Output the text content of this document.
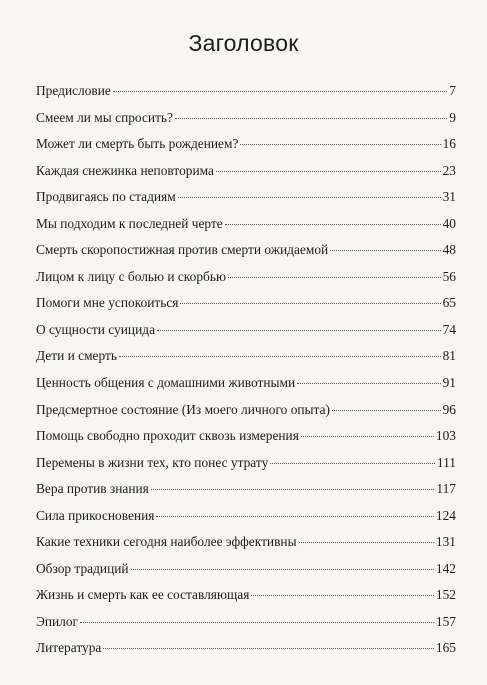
Заголовок
Предисловие	7
Смеем ли мы спросить?	9
Может ли смерть быть рождением?	16
Каждая снежинка неповторима	23
Продвигаясь по стадиям	31
Мы подходим к последней черте	40
Смерть скоропостижная против смерти ожидаемой	48
Лицом к лицу с болью и скорбью	56
Помоги мне успокоиться	65
О сущности суицида	74
Дети и смерть	81
Ценность общения с домашними животными	91
Предсмертное состояние (Из моего личного опыта)	96
Помощь свободно проходит сквозь измерения	103
Перемены в жизни тех, кто понес утрату	111
Вера против знания	117
Сила прикосновения	124
Какие техники сегодня наиболее эффективны	131
Обзор традиций	142
Жизнь и смерть как ее составляющая	152
Эпилог	157
Литература	165
